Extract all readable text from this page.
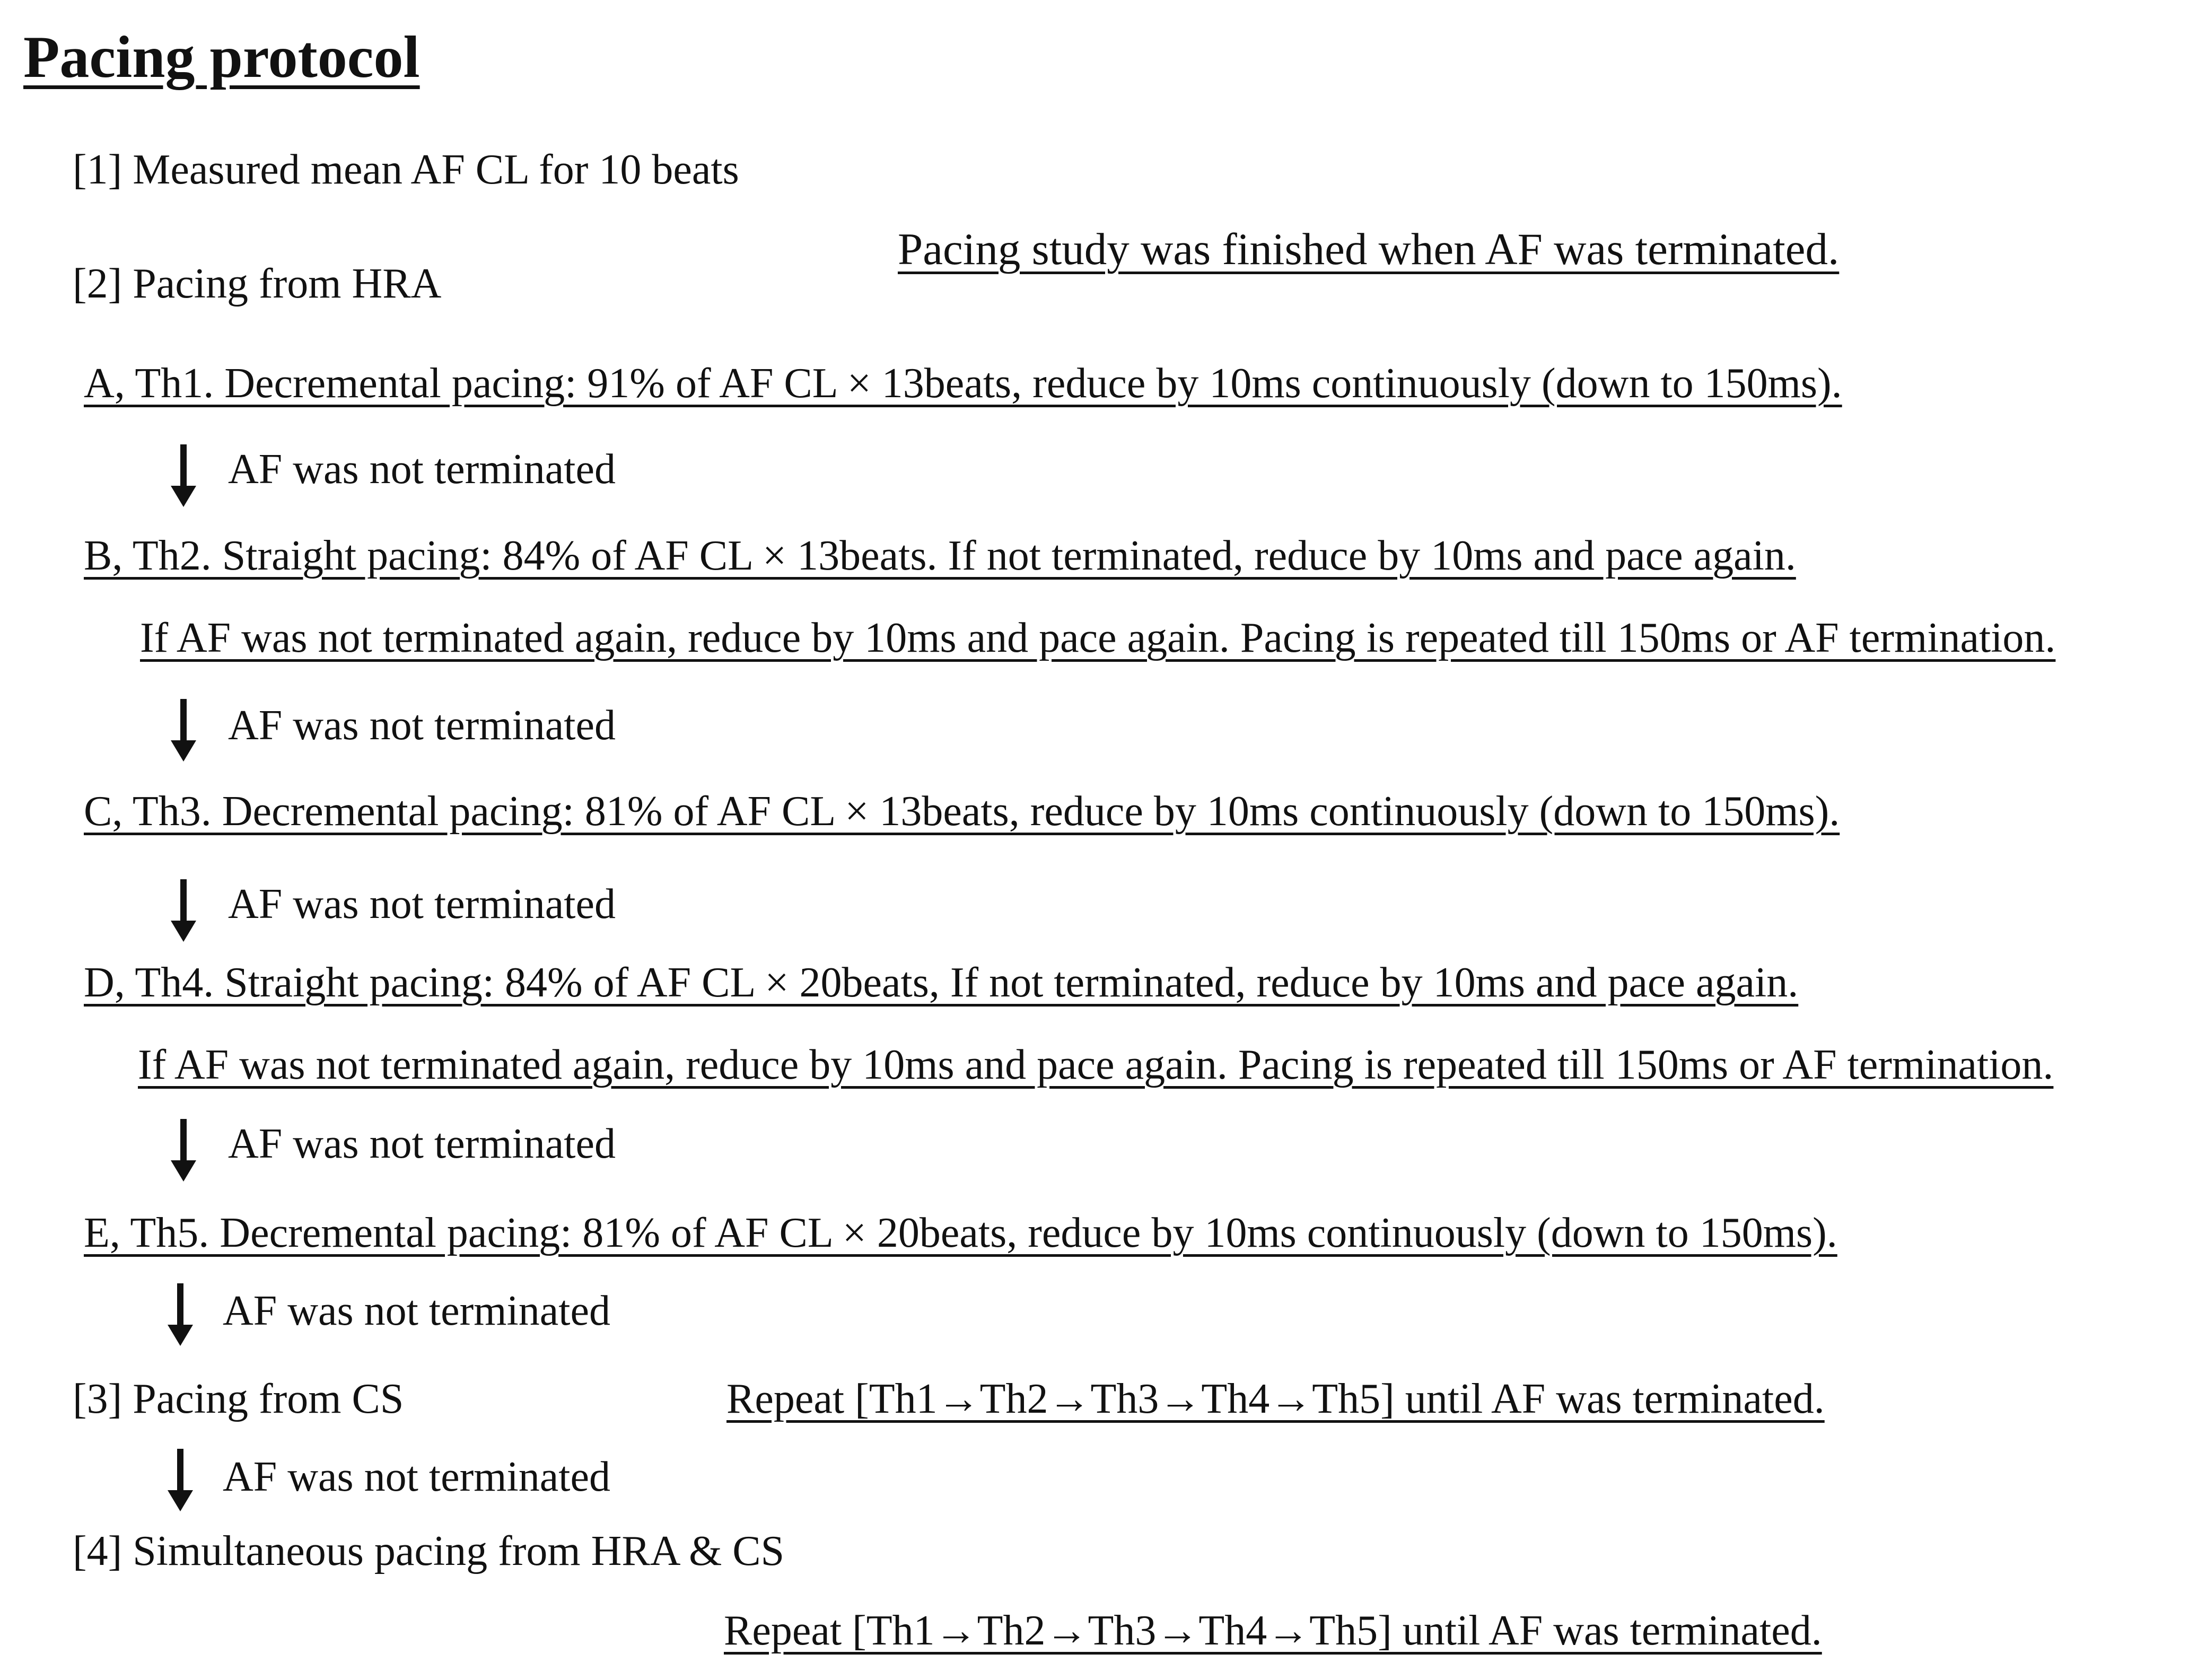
Pacing protocol
[1] Measured mean AF CL for 10 beats
Pacing study was finished when AF was terminated.
[2] Pacing from HRA
A, Th1. Decremental pacing: 91% of AF CL × 13beats, reduce by 10ms continuously (down to 150ms).
AF was not terminated
B, Th2. Straight pacing: 84% of AF CL × 13beats. If not terminated, reduce by 10ms and pace again.
If AF was not terminated again, reduce by 10ms and pace again. Pacing is repeated till 150ms or AF termination.
AF was not terminated
C, Th3. Decremental pacing: 81% of AF CL × 13beats, reduce by 10ms continuously (down to 150ms).
AF was not terminated
D, Th4. Straight pacing: 84% of AF CL × 20beats, If not terminated, reduce by 10ms and pace again.
If AF was not terminated again, reduce by 10ms and pace again. Pacing is repeated till 150ms or AF termination.
AF was not terminated
E, Th5. Decremental pacing: 81% of AF CL × 20beats, reduce by 10ms continuously (down to 150ms).
AF was not terminated
[3] Pacing from CS	Repeat [Th1→Th2→Th3→Th4→Th5] until AF was terminated.
AF was not terminated
[4] Simultaneous pacing from HRA & CS
Repeat [Th1→Th2→Th3→Th4→Th5] until AF was terminated.
